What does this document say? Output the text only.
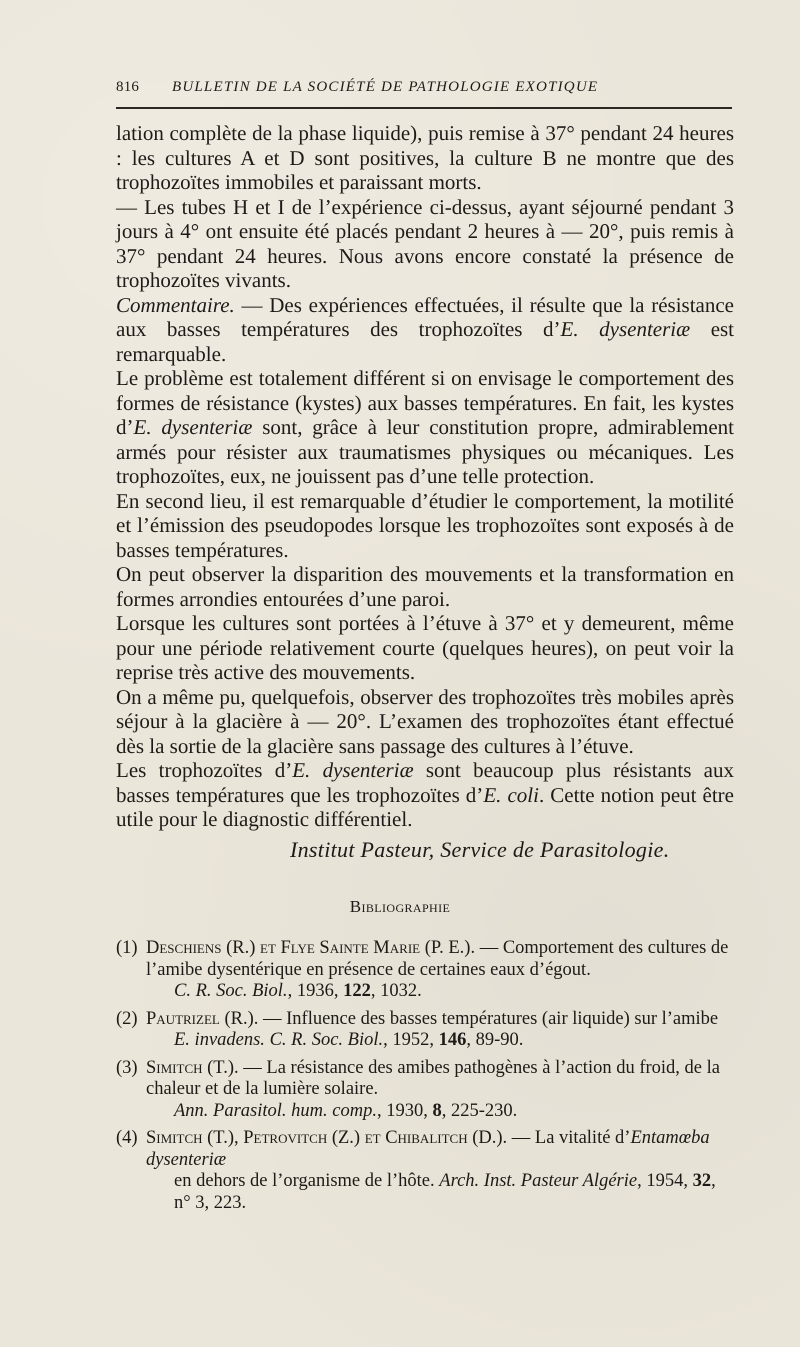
816 BULLETIN DE LA SOCIÉTÉ DE PATHOLOGIE EXOTIQUE

lation complète de la phase liquide), puis remise à 37° pendant 24 heures : les cultures A et D sont positives, la culture B ne montre que des trophozoïtes immobiles et paraissant morts.

— Les tubes H et I de l’expérience ci-dessus, ayant séjourné pendant 3 jours à 4° ont ensuite été placés pendant 2 heures à — 20°, puis remis à 37° pendant 24 heures. Nous avons encore constaté la présence de trophozoïtes vivants.

Commentaire. — Des expériences effectuées, il résulte que la résistance aux basses températures des trophozoïtes d’E. dysenteriæ est remarquable.

Le problème est totalement différent si on envisage le comportement des formes de résistance (kystes) aux basses températures. En fait, les kystes d’E. dysenteriæ sont, grâce à leur constitution propre, admirablement armés pour résister aux traumatismes physiques ou mécaniques. Les trophozoïtes, eux, ne jouissent pas d’une telle protection.

En second lieu, il est remarquable d’étudier le comportement, la motilité et l’émission des pseudopodes lorsque les trophozoïtes sont exposés à de basses températures.

On peut observer la disparition des mouvements et la transformation en formes arrondies entourées d’une paroi.

Lorsque les cultures sont portées à l’étuve à 37° et y demeurent, même pour une période relativement courte (quelques heures), on peut voir la reprise très active des mouvements.

On a même pu, quelquefois, observer des trophozoïtes très mobiles après séjour à la glacière à — 20°. L’examen des trophozoïtes étant effectué dès la sortie de la glacière sans passage des cultures à l’étuve.

Les trophozoïtes d’E. dysenteriæ sont beaucoup plus résistants aux basses températures que les trophozoïtes d’E. coli. Cette notion peut être utile pour le diagnostic différentiel.

Institut Pasteur, Service de Parasitologie.
Bibliographie
(1) Deschiens (R.) et Flye Sainte Marie (P. E.). — Comportement des cultures de l’amibe dysentérique en présence de certaines eaux d’égout.
C. R. Soc. Biol., 1936, 122, 1032.
(2) Pautrizel (R.). — Influence des basses températures (air liquide) sur l’amibe
E. invadens. C. R. Soc. Biol., 1952, 146, 89-90.
(3) Simitch (T.). — La résistance des amibes pathogènes à l’action du froid, de la chaleur et de la lumière solaire.
Ann. Parasitol. hum. comp., 1930, 8, 225-230.
(4) Simitch (T.), Petrovitch (Z.) et Chibalitch (D.). — La vitalité d’Entamœba dysenteriæ
en dehors de l’organisme de l’hôte. Arch. Inst. Pasteur Algérie, 1954, 32, n° 3, 223.
